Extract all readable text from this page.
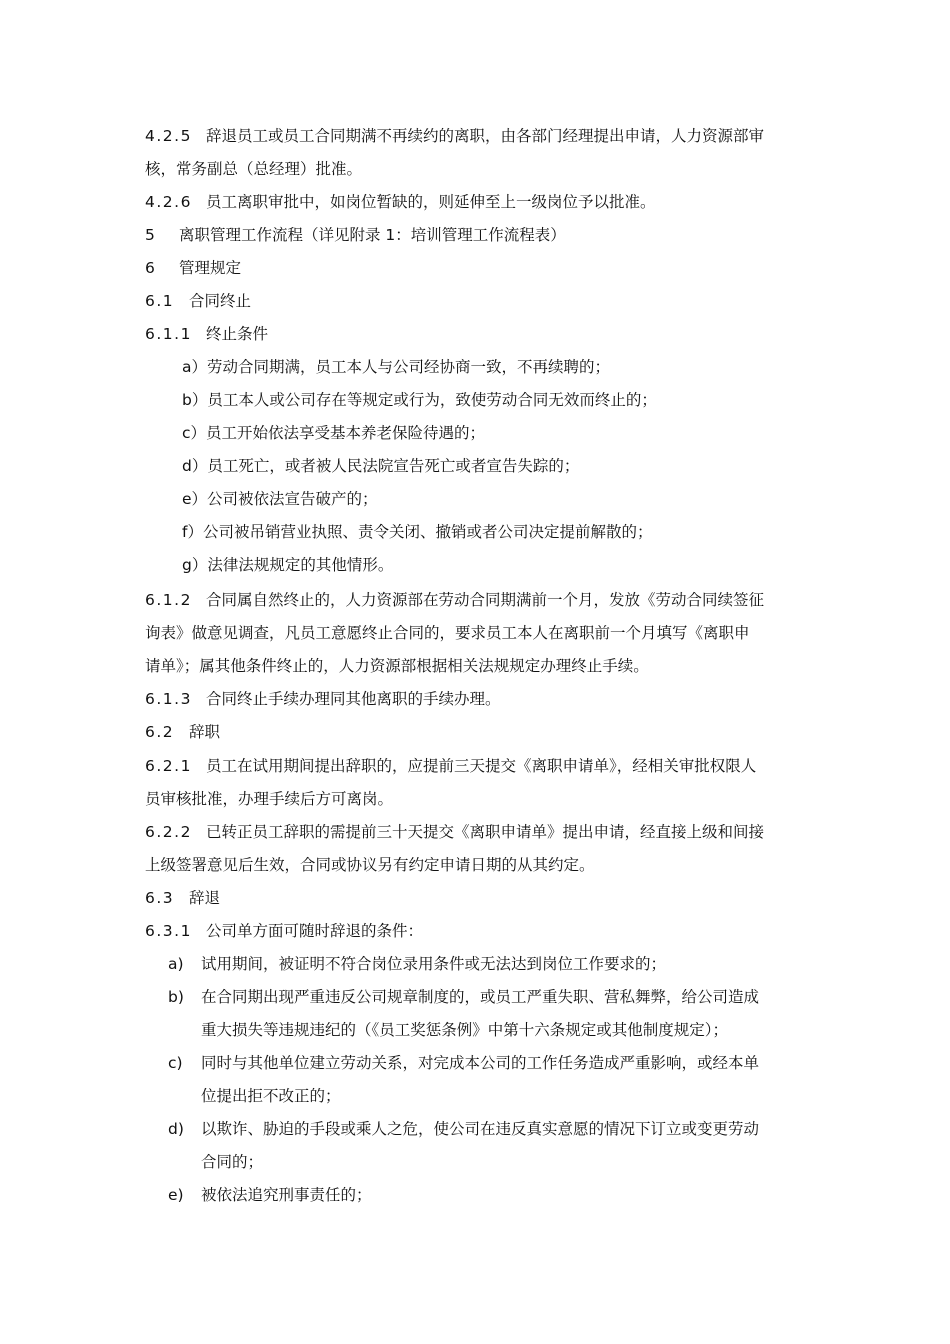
4.2.5 辞退员工或员工合同期满不再续约的离职，由各部门经理提出申请，人力资源部审
核，常务副总（总经理）批准。
4.2.6 员工离职审批中，如岗位暂缺的，则延伸至上一级岗位予以批准。
5 离职管理工作流程（详见附录 1：培训管理工作流程表）
6 管理规定
6.1 合同终止
6.1.1 终止条件
a）劳动合同期满，员工本人与公司经协商一致，不再续聘的；
b）员工本人或公司存在等规定或行为，致使劳动合同无效而终止的；
c）员工开始依法享受基本养老保险待遇的；
d）员工死亡，或者被人民法院宣告死亡或者宣告失踪的；
e）公司被依法宣告破产的；
f）公司被吊销营业执照、责令关闭、撤销或者公司决定提前解散的；
g）法律法规规定的其他情形。
6.1.2 合同属自然终止的，人力资源部在劳动合同期满前一个月，发放《劳动合同续签征
询表》做意见调查，凡员工意愿终止合同的，要求员工本人在离职前一个月填写《离职申
请单》；属其他条件终止的，人力资源部根据相关法规规定办理终止手续。
6.1.3 合同终止手续办理同其他离职的手续办理。
6.2 辞职
6.2.1 员工在试用期间提出辞职的，应提前三天提交《离职申请单》，经相关审批权限人
员审核批准，办理手续后方可离岗。
6.2.2 已转正员工辞职的需提前三十天提交《离职申请单》提出申请，经直接上级和间接
上级签署意见后生效，合同或协议另有约定申请日期的从其约定。
6.3 辞退
6.3.1 公司单方面可随时辞退的条件：
a) 试用期间，被证明不符合岗位录用条件或无法达到岗位工作要求的；
b) 在合同期出现严重违反公司规章制度的，或员工严重失职、营私舞弊，给公司造成
重大损失等违规违纪的（《员工奖惩条例》中第十六条规定或其他制度规定）；
c) 同时与其他单位建立劳动关系，对完成本公司的工作任务造成严重影响，或经本单
位提出拒不改正的；
d) 以欺诈、胁迫的手段或乘人之危，使公司在违反真实意愿的情况下订立或变更劳动
合同的；
e) 被依法追究刑事责任的；
